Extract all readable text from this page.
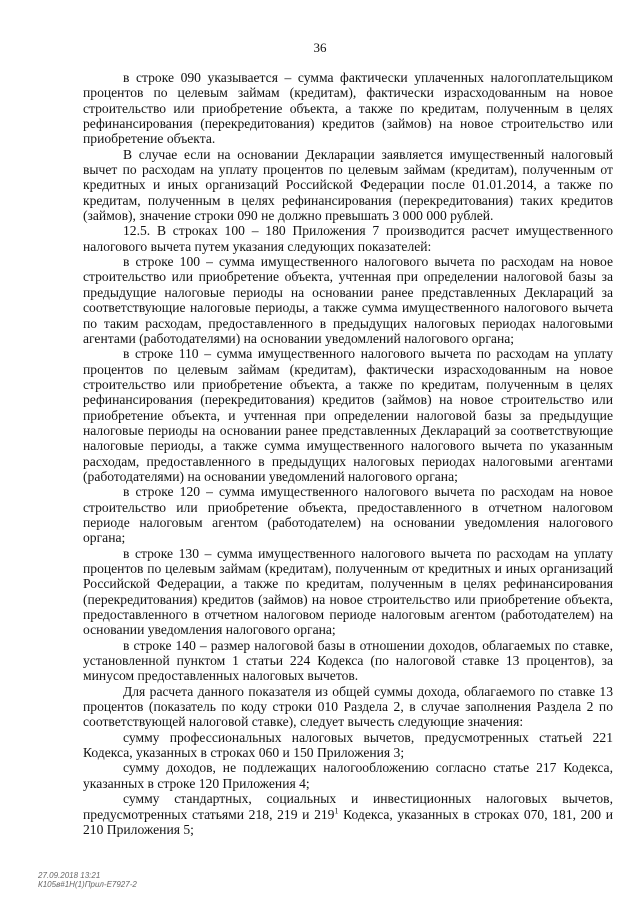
36

в строке 090 указывается – сумма фактически уплаченных налогоплательщиком процентов по целевым займам (кредитам), фактически израсходованным на новое строительство или приобретение объекта, а также по кредитам, полученным в целях рефинансирования (перекредитования) кредитов (займов) на новое строительство или приобретение объекта.

В случае если на основании Декларации заявляется имущественный налоговый вычет по расходам на уплату процентов по целевым займам (кредитам), полученным от кредитных и иных организаций Российской Федерации после 01.01.2014, а также по кредитам, полученным в целях рефинансирования (перекредитования) таких кредитов (займов), значение строки 090 не должно превышать 3 000 000 рублей.

12.5. В строках 100 – 180 Приложения 7 производится расчет имущественного налогового вычета путем указания следующих показателей:

в строке 100 – сумма имущественного налогового вычета по расходам на новое строительство или приобретение объекта, учтенная при определении налоговой базы за предыдущие налоговые периоды на основании ранее представленных Деклараций за соответствующие налоговые периоды, а также сумма имущественного налогового вычета по таким расходам, предоставленного в предыдущих налоговых периодах налоговыми агентами (работодателями) на основании уведомлений налогового органа;

в строке 110 – сумма имущественного налогового вычета по расходам на уплату процентов по целевым займам (кредитам), фактически израсходованным на новое строительство или приобретение объекта, а также по кредитам, полученным в целях рефинансирования (перекредитования) кредитов (займов) на новое строительство или приобретение объекта, и учтенная при определении налоговой базы за предыдущие налоговые периоды на основании ранее представленных Деклараций за соответствующие налоговые периоды, а также сумма имущественного налогового вычета по указанным расходам, предоставленного в предыдущих налоговых периодах налоговыми агентами (работодателями) на основании уведомлений налогового органа;

в строке 120 – сумма имущественного налогового вычета по расходам на новое строительство или приобретение объекта, предоставленного в отчетном налоговом периоде налоговым агентом (работодателем) на основании уведомления налогового органа;

в строке 130 – сумма имущественного налогового вычета по расходам на уплату процентов по целевым займам (кредитам), полученным от кредитных и иных организаций Российской Федерации, а также по кредитам, полученным в целях рефинансирования (перекредитования) кредитов (займов) на новое строительство или приобретение объекта, предоставленного в отчетном налоговом периоде налоговым агентом (работодателем) на основании уведомления налогового органа;

в строке 140 – размер налоговой базы в отношении доходов, облагаемых по ставке, установленной пунктом 1 статьи 224 Кодекса (по налоговой ставке 13 процентов), за минусом предоставленных налоговых вычетов.

Для расчета данного показателя из общей суммы дохода, облагаемого по ставке 13 процентов (показатель по коду строки 010 Раздела 2, в случае заполнения Раздела 2 по соответствующей налоговой ставке), следует вычесть следующие значения:

сумму профессиональных налоговых вычетов, предусмотренных статьей 221 Кодекса, указанных в строках 060 и 150 Приложения 3;

сумму доходов, не подлежащих налогообложению согласно статье 217 Кодекса, указанных в строке 120 Приложения 4;

сумму стандартных, социальных и инвестиционных налоговых вычетов, предусмотренных статьями 218, 219 и $219^1$ Кодекса, указанных в строках 070, 181, 200 и 210 Приложения 5;

27.09.2018 13:21
К105в#1Н(1)Прил-Е7927-2
